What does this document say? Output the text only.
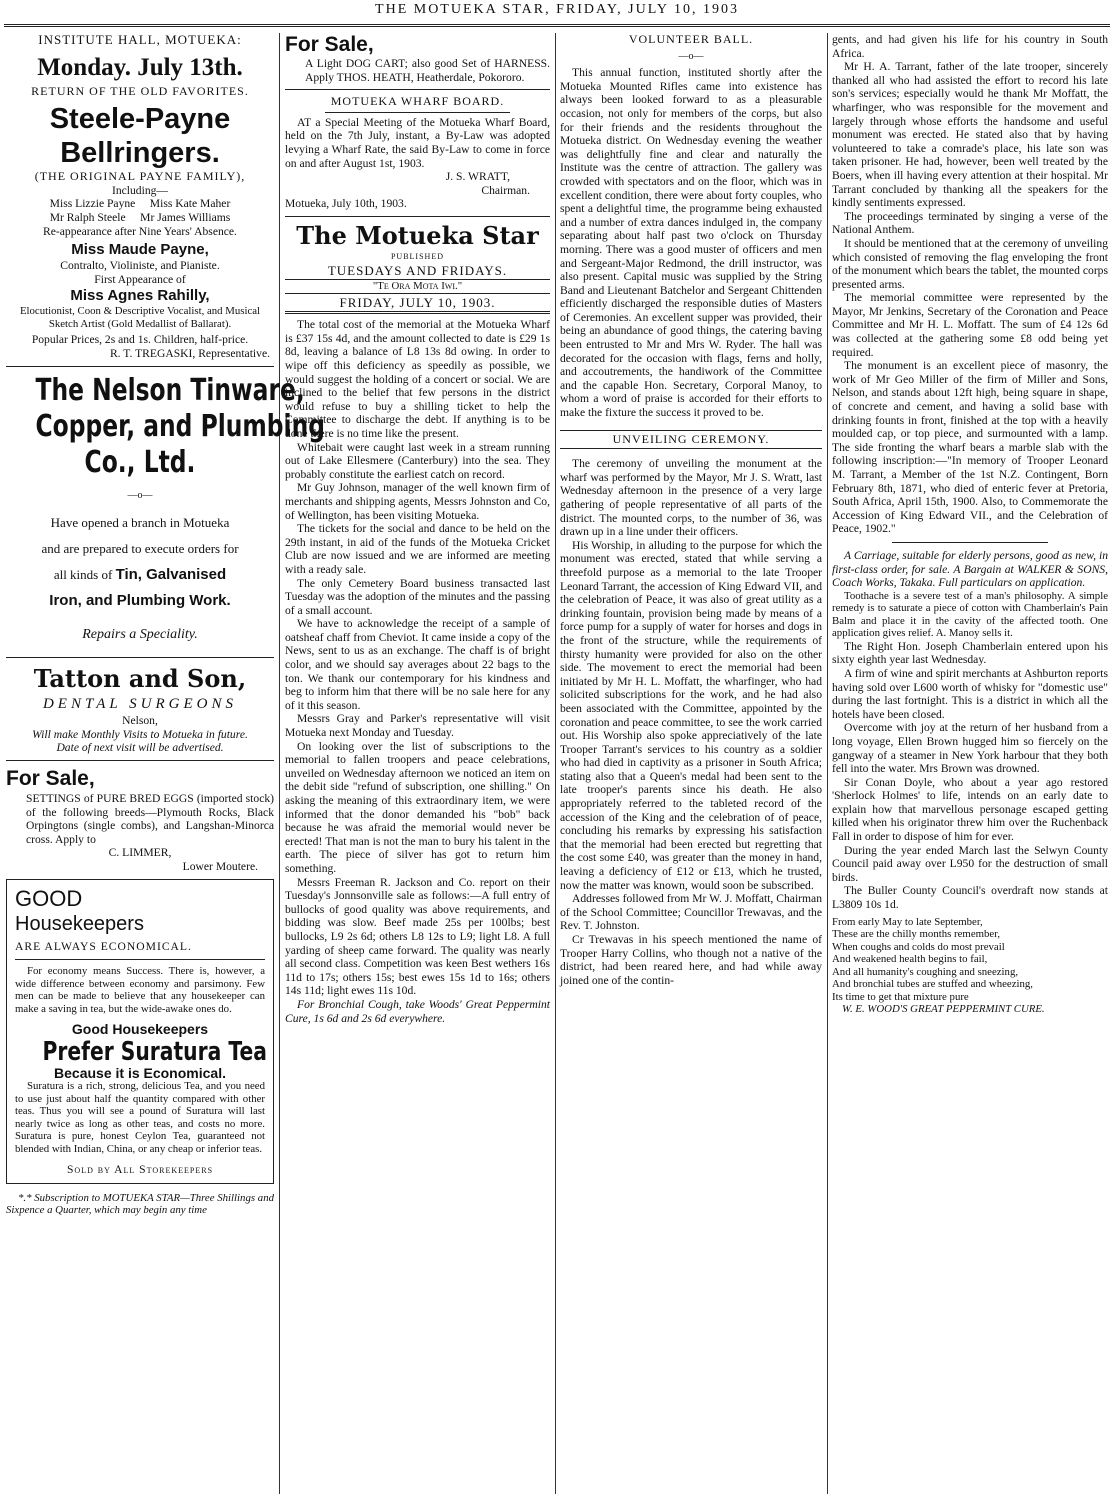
THE MOTUEKA STAR, FRIDAY, JULY 10, 1903
INSTITUTE HALL, MOTUEKA:
Monday. July 13th.
RETURN OF THE OLD FAVORITES.
Steele-Payne
Bellringers.
(THE ORIGINAL PAYNE FAMILY),
Including—
Miss Lizzie Payne     Miss Kate Maher
Mr Ralph Steele     Mr James Williams
Re-appearance after Nine Years' Absence.
Miss Maude Payne,
Contralto, Violiniste, and Pianiste.
First Appearance of
Miss Agnes Rahilly,
Elocutionist, Coon & Descriptive Vocalist, and Musical Sketch Artist (Gold Medallist of Ballarat).
Popular Prices, 2s and 1s. Children, half-price.
R. T. TREGASKI, Representative.
The Nelson Tinware,
Copper, and Plumbing
Co., Ltd.
—o—
Have opened a branch in Motueka
and are prepared to execute orders for
all kinds of Tin, Galvanised
Iron, and Plumbing Work.
Repairs a Speciality.
Tatton and Son,
DENTAL SURGEONS
Nelson,
Will make Monthly Visits to Motueka in future.
Date of next visit will be advertised.
For Sale,

SETTINGS of PURE BRED EGGS (imported stock) of the following breeds—Plymouth Rocks, Black Orpingtons (single combs), and Langshan-Minorca cross. Apply to

C. LIMMER,
Lower Moutere.
GOOD
Housekeepers
ARE ALWAYS ECONOMICAL.

For economy means Success. There is, however, a wide difference between economy and parsimony. Few men can be made to believe that any housekeeper can make a saving in tea, but the wide-awake ones do.

Good Housekeepers
Prefer Suratura Tea
Because it is Economical.

Suratura is a rich, strong, delicious Tea, and you need to use just about half the quantity compared with other teas. Thus you will see a pound of Suratura will last nearly twice as long as other teas, and costs no more. Suratura is pure, honest Ceylon Tea, guaranteed not blended with Indian, China, or any cheap or inferior teas.

Sold by All Storekeepers

*.* Subscription to MOTUEKA STAR—Three Shillings and Sixpence a Quarter, which may begin any time

For Sale,

A Light DOG CART; also good Set of HARNESS. Apply THOS. HEATH, Heatherdale, Pokororo.

MOTUEKA WHARF BOARD.

AT a Special Meeting of the Motueka Wharf Board, held on the 7th July, instant, a By-Law was adopted levying a Wharf Rate, the said By-Law to come in force on and after August 1st, 1903.

J. S. WRATT,
Chairman.
Motueka, July 10th, 1903.
The Motueka Star
PUBLISHED
TUESDAYS AND FRIDAYS.
"Te Ora Mota Iwi."
FRIDAY, JULY 10, 1903.

The total cost of the memorial at the Motueka Wharf is £37 15s 4d, and the amount collected to date is £29 1s 8d, leaving a balance of L8 13s 8d owing. In order to wipe off this deficiency as speedily as possible, we would suggest the holding of a concert or social. We are inclined to the belief that few persons in the district would refuse to buy a shilling ticket to help the Committee to discharge the debt. If anything is to be done there is no time like the present.

Whitebait were caught last week in a stream running out of Lake Ellesmere (Canterbury) into the sea. They probably constitute the earliest catch on record.

Mr Guy Johnson, manager of the well known firm of merchants and shipping agents, Messrs Johnston and Co, of Wellington, has been visiting Motueka.

The tickets for the social and dance to be held on the 29th instant, in aid of the funds of the Motueka Cricket Club are now issued and we are informed are meeting with a ready sale.

The only Cemetery Board business transacted last Tuesday was the adoption of the minutes and the passing of a small account.

We have to acknowledge the receipt of a sample of oatsheaf chaff from Cheviot. It came inside a copy of the News, sent to us as an exchange. The chaff is of bright color, and we should say averages about 22 bags to the ton. We thank our contemporary for his kindness and beg to inform him that there will be no sale here for any of it this season.

Messrs Gray and Parker's representative will visit Motueka next Monday and Tuesday.

On looking over the list of subscriptions to the memorial to fallen troopers and peace celebrations, unveiled on Wednesday afternoon we noticed an item on the debit side "refund of subscription, one shilling." On asking the meaning of this extraordinary item, we were informed that the donor demanded his "bob" back because he was afraid the memorial would never be erected! That man is not the man to bury his talent in the earth. The piece of silver has got to return him something.

Messrs Freeman R. Jackson and Co. report on their Tuesday's Jonnsonville sale as follows:—A full entry of bullocks of good quality was above requirements, and bidding was slow. Beef made 25s per 100lbs; best bullocks, L9 2s 6d; others L8 12s to L9; light L8. A full yarding of sheep came forward. The quality was nearly all second class. Competition was keen Best wethers 16s 11d to 17s; others 15s; best ewes 15s 1d to 16s; others 14s 11d; light ewes 11s 10d.

For Bronchial Cough, take Woods' Great Peppermint Cure, 1s 6d and 2s 6d everywhere.

VOLUNTEER BALL.
—o—

This annual function, instituted shortly after the Motueka Mounted Rifles came into existence has always been looked forward to as a pleasurable occasion, not only for members of the corps, but also for their friends and the residents throughout the Motueka district. On Wednesday evening the weather was delightfully fine and clear and naturally the Institute was the centre of attraction. The gallery was crowded with spectators and on the floor, which was in excellent condition, there were about forty couples, who spent a delightful time, the programme being exhausted and a number of extra dances indulged in, the company separating about half past two o'clock on Thursday morning. There was a good muster of officers and men and Sergeant-Major Redmond, the drill instructor, was also present. Capital music was supplied by the String Band and Lieutenant Batchelor and Sergeant Chittenden efficiently discharged the responsible duties of Masters of Ceremonies. An excellent supper was provided, their being an abundance of good things, the catering baving been entrusted to Mr and Mrs W. Ryder. The hall was decorated for the occasion with flags, ferns and holly, and accoutrements, the handiwork of the Committee and the capable Hon. Secretary, Corporal Manoy, to whom a word of praise is accorded for their efforts to make the fixture the success it proved to be.

UNVEILING CEREMONY.

The ceremony of unveiling the monument at the wharf was performed by the Mayor, Mr J. S. Wratt, last Wednesday afternoon in the presence of a very large gathering of people representative of all parts of the district. The mounted corps, to the number of 36, was drawn up in a line under their officers.

His Worship, in alluding to the purpose for which the monument was erected, stated that while serving a threefold purpose as a memorial to the late Trooper Leonard Tarrant, the accession of King Edward VII, and the celebration of Peace, it was also of great utility as a drinking fountain, provision being made by means of a force pump for a supply of water for horses and dogs in the front of the structure, while the requirements of thirsty humanity were provided for also on the other side. The movement to erect the memorial had been initiated by Mr H. L. Moffatt, the wharfinger, who had solicited subscriptions for the work, and he had also been associated with the Committee, appointed by the coronation and peace committee, to see the work carried out. His Worship also spoke appreciatively of the late Trooper Tarrant's services to his country as a soldier who had died in captivity as a prisoner in South Africa; stating also that a Queen's medal had been sent to the late trooper's parents since his death. He also appropriately referred to the tableted record of the accession of the King and the celebration of of peace, concluding his remarks by expressing his satisfaction that the memorial had been erected but regretting that the cost some £40, was greater than the money in hand, leaving a deficiency of £12 or £13, which he trusted, now the matter was known, would soon be subscribed.

Addresses followed from Mr W. J. Moffatt, Chairman of the School Committee; Councillor Trewavas, and the Rev. T. Johnston.

Cr Trewavas in his speech mentioned the name of Trooper Harry Collins, who though not a native of the district, had been reared here, and had while away joined one of the contin-

gents, and had given his life for his country in South Africa.

Mr H. A. Tarrant, father of the late trooper, sincerely thanked all who had assisted the effort to record his late son's services; especially would he thank Mr Moffatt, the wharfinger, who was responsible for the movement and largely through whose efforts the handsome and useful monument was erected. He stated also that by having volunteered to take a comrade's place, his late son was taken prisoner. He had, however, been well treated by the Boers, when ill having every attention at their hospital. Mr Tarrant concluded by thanking all the speakers for the kindly sentiments expressed.

The proceedings terminated by singing a verse of the National Anthem.

It should be mentioned that at the ceremony of unveiling which consisted of removing the flag enveloping the front of the monument which bears the tablet, the mounted corps presented arms.

The memorial committee were represented by the Mayor, Mr Jenkins, Secretary of the Coronation and Peace Committee and Mr H. L. Moffatt. The sum of £4 12s 6d was collected at the gathering some £8 odd being yet required.

The monument is an excellent piece of masonry, the work of Mr Geo Miller of the firm of Miller and Sons, Nelson, and stands about 12ft high, being square in shape, of concrete and cement, and having a solid base with drinking founts in front, finished at the top with a heavily moulded cap, or top piece, and surmounted with a lamp. The side fronting the wharf bears a marble slab with the following inscription:—"In memory of Trooper Leonard M. Tarrant, a Member of the 1st N.Z. Contingent, Born February 8th, 1871, who died of enteric fever at Pretoria, South Africa, April 15th, 1900. Also, to Commemorate the Accession of King Edward VII., and the Celebration of Peace, 1902."

A Carriage, suitable for elderly persons, good as new, in first-class order, for sale. A Bargain at WALKER & SONS, Coach Works, Takaka. Full particulars on application.

Toothache is a severe test of a man's philosophy. A simple remedy is to saturate a piece of cotton with Chamberlain's Pain Balm and place it in the cavity of the affected tooth. One application gives relief. A. Manoy sells it.

The Right Hon. Joseph Chamberlain entered upon his sixty eighth year last Wednesday.

A firm of wine and spirit merchants at Ashburton reports having sold over L600 worth of whisky for "domestic use" during the last fortnight. This is a district in which all the hotels have been closed.

Overcome with joy at the return of her husband from a long voyage, Ellen Brown hugged him so fiercely on the gangway of a steamer in New York harbour that they both fell into the water. Mrs Brown was drowned.

Sir Conan Doyle, who about a year ago restored 'Sherlock Holmes' to life, intends on an early date to explain how that marvellous personage escaped getting killed when his originator threw him over the Ruchenback Fall in order to dispose of him for ever.

During the year ended March last the Selwyn County Council paid away over L950 for the destruction of small birds.

The Buller County Council's overdraft now stands at L3809 10s 1d.

From early May to late September,
These are the chilly months remember,
When coughs and colds do most prevail
And weakened health begins to fail,
And all humanity's coughing and sneezing,
And bronchial tubes are stuffed and wheezing,
Its time to get that mixture pure
W. E. WOOD'S GREAT PEPPERMINT CURE.
